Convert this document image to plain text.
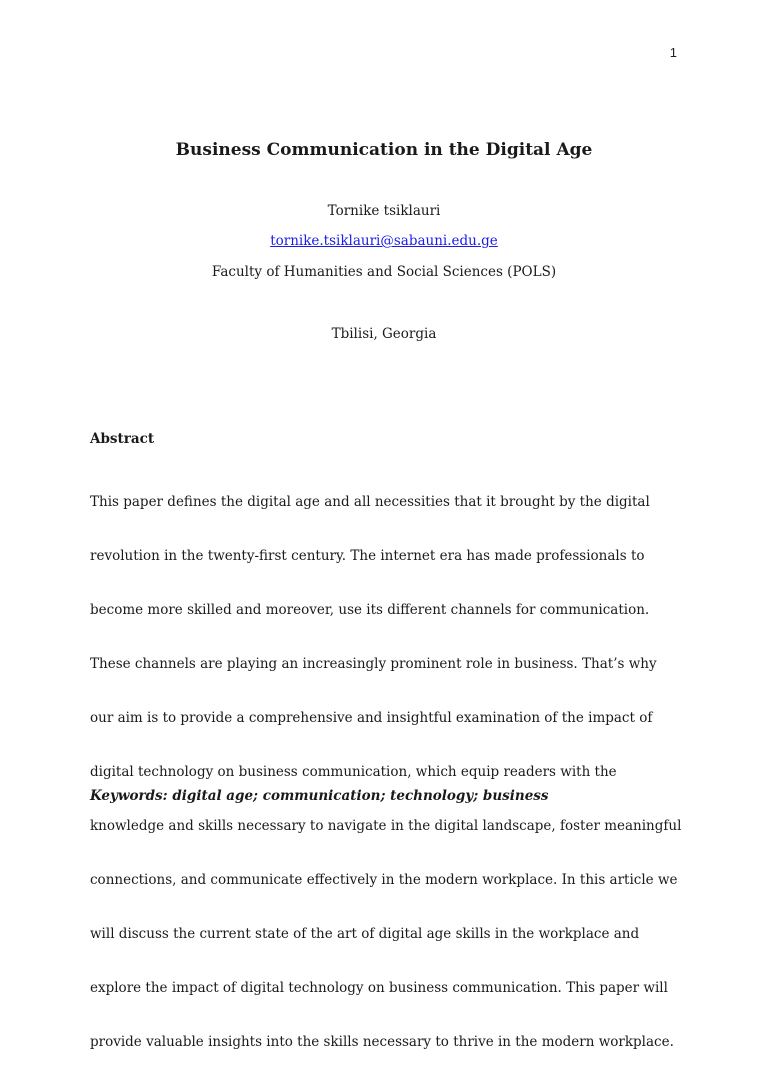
1
Business Communication in the Digital Age
Tornike tsiklauri
tornike.tsiklauri@sabauni.edu.ge
Faculty of Humanities and Social Sciences (POLS)
Tbilisi, Georgia
Abstract

This paper defines the digital age and all necessities that it brought by the digital

revolution in the twenty-first century. The internet era has made professionals to

become more skilled and moreover, use its different channels for communication.

These channels are playing an increasingly prominent role in business. That’s why

our aim is to provide a comprehensive and insightful examination of the impact of

digital technology on business communication, which equip readers with the

knowledge and skills necessary to navigate in the digital landscape, foster meaningful

connections, and communicate effectively in the modern workplace. In this article we

will discuss the current state of the art of digital age skills in the workplace and

explore the impact of digital technology on business communication. This paper will

provide valuable insights into the skills necessary to thrive in the modern workplace.

Keywords: digital age; communication; technology; business
